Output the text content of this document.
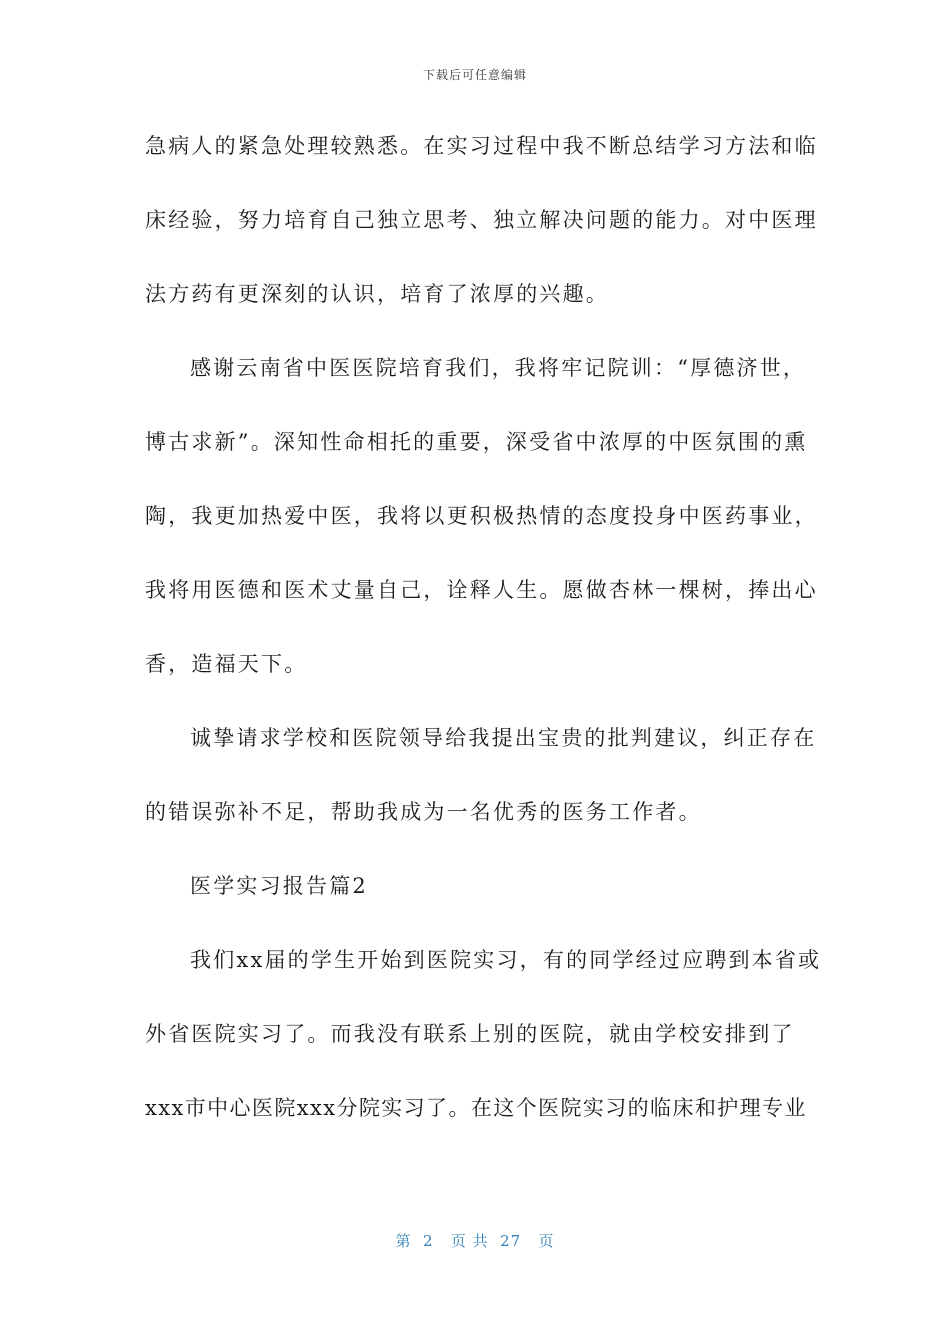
下载后可任意编辑
急病人的紧急处理较熟悉。在实习过程中我不断总结学习方法和临
床经验，努力培育自己独立思考、独立解决问题的能力。对中医理
法方药有更深刻的认识，培育了浓厚的兴趣。
感谢云南省中医医院培育我们，我将牢记院训：“厚德济世，
博古求新”。深知性命相托的重要，深受省中浓厚的中医氛围的熏
陶，我更加热爱中医，我将以更积极热情的态度投身中医药事业，
我将用医德和医术丈量自己，诠释人生。愿做杏林一棵树，捧出心
香，造福天下。
诚挚请求学校和医院领导给我提出宝贵的批判建议，纠正存在
的错误弥补不足，帮助我成为一名优秀的医务工作者。
医学实习报告篇2
我们xx届的学生开始到医院实习，有的同学经过应聘到本省或
外省医院实习了。而我没有联系上别的医院，就由学校安排到了
xxx市中心医院xxx分院实习了。在这个医院实习的临床和护理专业
第  2   页 共  27   页
